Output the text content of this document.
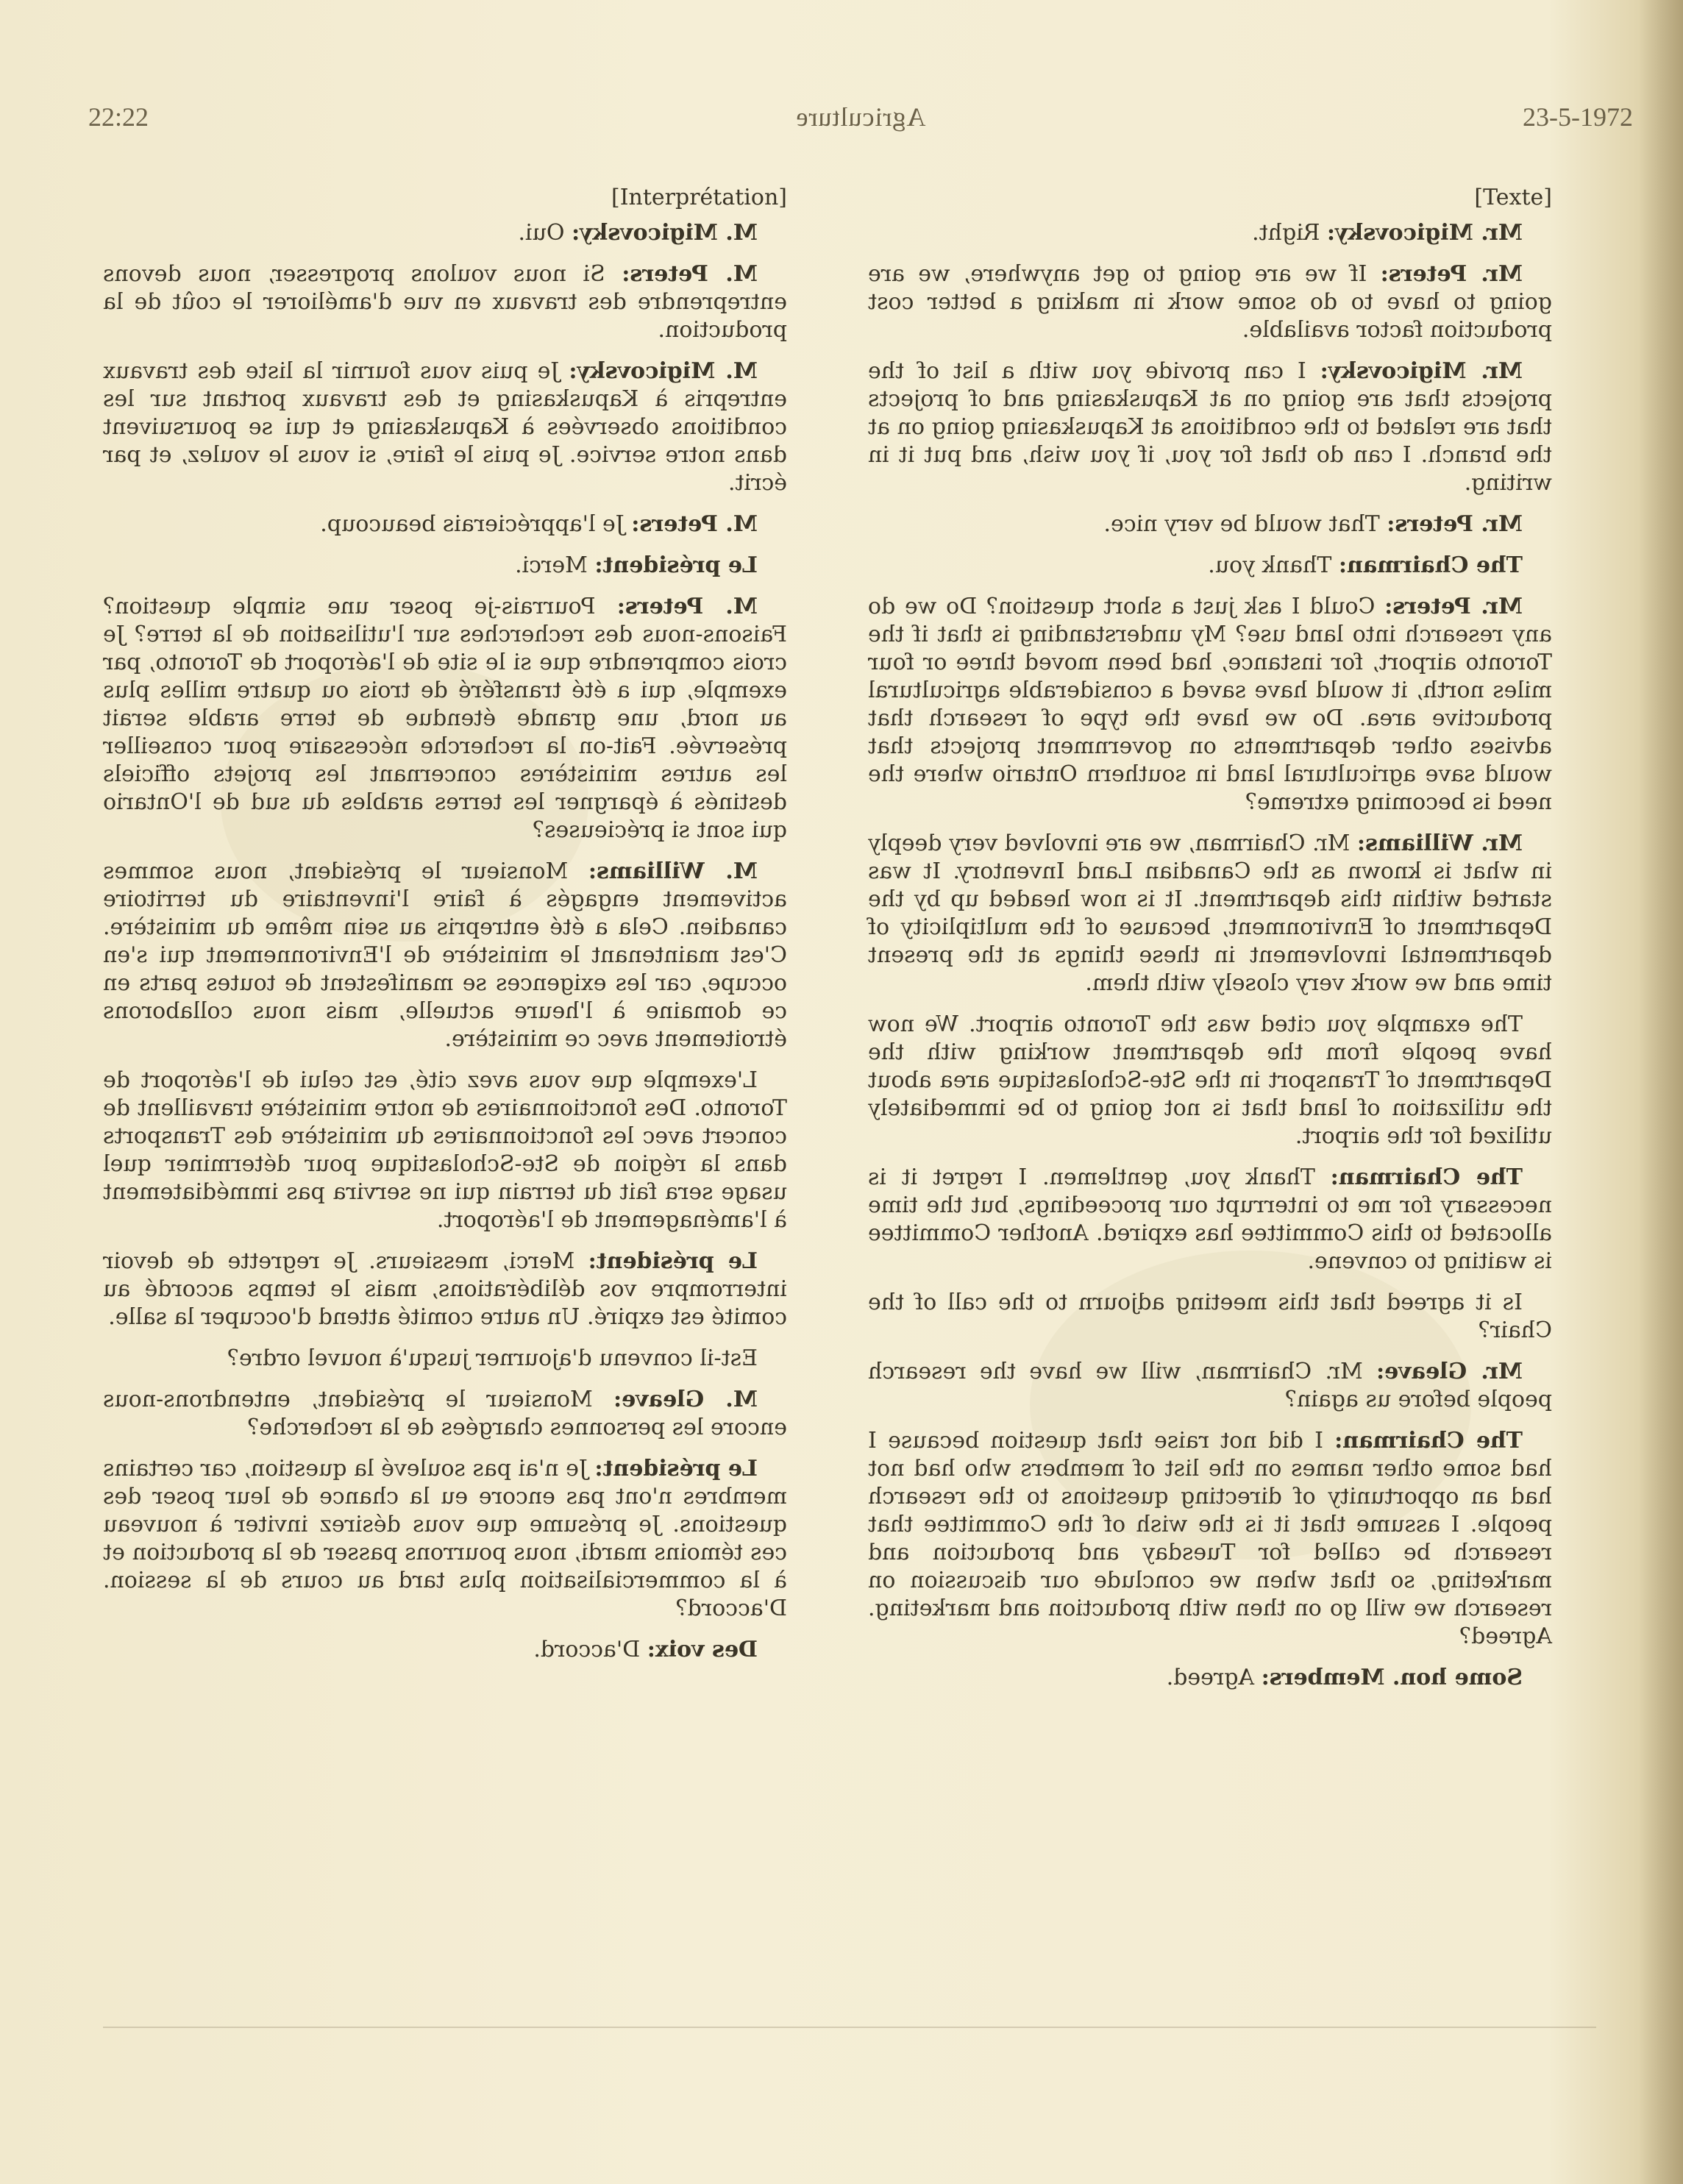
22:22	Agriculture	23-5-1972
[Interprétation]

M. Migicovsky: Oui.

M. Peters: Si nous voulons progresser, nous devons entreprendre des travaux en vue d'améliorer le coût de la production.

M. Migicovsky: Je puis vous fournir la liste des travaux entrepris à Kapuskasing et des travaux portant sur les conditions observées à Kapuskasing et qui se poursuivent dans notre service. Je puis le faire, si vous le voulez, et par écrit.

M. Peters: Je l'apprécierais beaucoup.

Le président: Merci.

M. Peters: Pourrais-je poser une simple question? Faisons-nous des recherches sur l'utilisation de la terre? Je crois comprendre que si le site de l'aéroport de Toronto, par exemple, qui a été transféré de trois ou quatre milles plus au nord, une grande étendue de terre arable serait préservée. Fait-on la recherche nécessaire pour conseiller les autres ministères concernant les projets officiels destinés à épargner les terres arables du sud de l'Ontario qui sont si précieuses?

M. Williams: Monsieur le président, nous sommes activement engagés à faire l'inventaire du territoire canadien. Cela a été entrepris au sein même du ministère. C'est maintenant le ministère de l'Environnement qui s'en occupe, car les exigences se manifestent de toutes parts en ce domaine à l'heure actuelle, mais nous collaborons étroitement avec ce ministère.

L'exemple que vous avez cité, est celui de l'aéroport de Toronto. Des fonctionnaires de notre ministère travaillent de concert avec les fonctionnaires du ministère des Transports dans la région de Ste-Scholastique pour déterminer quel usage sera fait du terrain qui ne servira pas immédiatement à l'aménagement de l'aéroport.

Le président: Merci, messieurs. Je regrette de devoir interrompre vos délibérations, mais le temps accordé au comité est expiré. Un autre comité attend d'occuper la salle.

Est-il convenu d'ajourner jusqu'à nouvel ordre?

M. Gleave: Monsieur le président, entendrons-nous encore les personnes chargées de la recherche?

Le président: Je n'ai pas soulevé la question, car certains membres n'ont pas encore eu la chance de leur poser des questions. Je présume que vous désirez inviter à nouveau ces témoins mardi, nous pourrons passer de la production et à la commercialisation plus tard au cours de la session. D'accord?

Des voix: D'accord.

[Texte]

Mr. Migicovsky: Right.

Mr. Peters: If we are going to get anywhere, we are going to have to do some work in making a better cost production factor available.

Mr. Migicovsky: I can provide you with a list of the projects that are going on at Kapuskasing and of projects that are related to the conditions at Kapuskasing going on at the branch. I can do that for you, if you wish, and put it in writing.

Mr. Peters: That would be very nice.

The Chairman: Thank you.

Mr. Peters: Could I ask just a short question? Do we do any research into land use? My understanding is that if the Toronto airport, for instance, had been moved three or four miles north, it would have saved a considerable agricultural productive area. Do we have the type of research that advises other departments on government projects that would save agricultural land in southern Ontario where the need is becoming extreme?

Mr. Williams: Mr. Chairman, we are involved very deeply in what is known as the Canadian Land Inventory. It was started within this department. It is now headed up by the Department of Environment, because of the multiplicity of departmental involvement in these things at the present time and we work very closely with them.

The example you cited was the Toronto airport. We now have people from the department working with the Department of Transport in the Ste-Scholastique area about the utilization of land that is not going to be immediately utilized for the airport.

The Chairman: Thank you, gentlemen. I regret it is necessary for me to interrupt our proceedings, but the time allocated to this Committee has expired. Another Committee is waiting to convene.

Is it agreed that this meeting adjourn to the call of the Chair?

Mr. Gleave: Mr. Chairman, will we have the research people before us again?

The Chairman: I did not raise that question because I had some other names on the list of members who had not had an opportunity of directing questions to the research people. I assume that it is the wish of the Committee that research be called for Tuesday and production and marketing, so that when we conclude our discussion on research we will go on then with production and marketing. Agreed?

Some hon. Members: Agreed.
